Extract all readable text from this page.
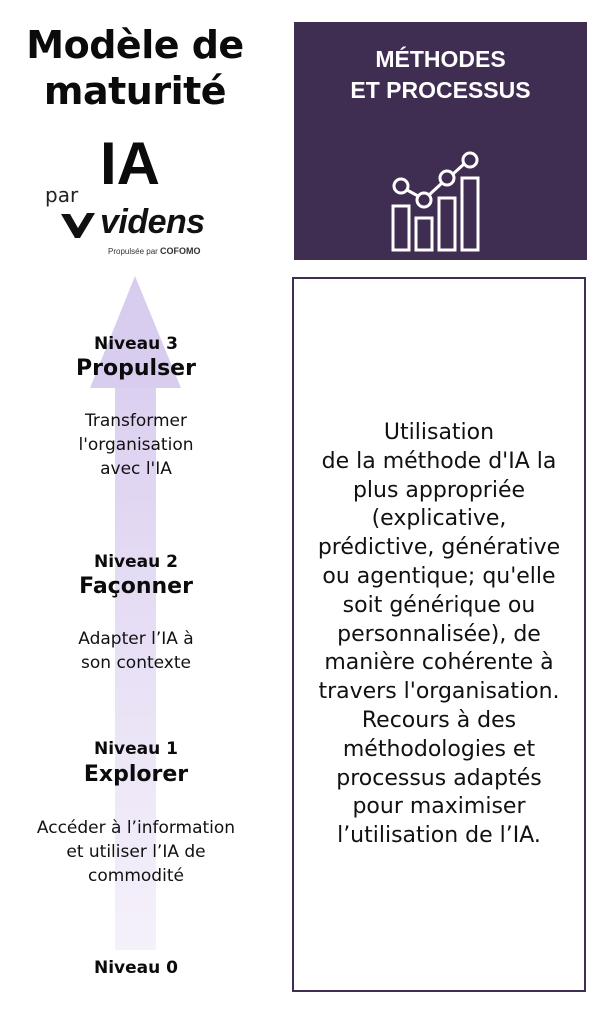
Modèle de
maturité
IA
par
videns
Propulsée par COFOMO
Niveau 3
Propulser
Transformer
l'organisation
avec l'IA
Niveau 2
Façonner
Adapter l’IA à
son contexte
Niveau 1
Explorer
Accéder à l’information
et utiliser l’IA de
commodité
Niveau 0
MÉTHODES
ET PROCESSUS
Utilisation
de la méthode d'IA la
plus appropriée
(explicative,
prédictive, générative
ou agentique; qu'elle
soit générique ou
personnalisée), de
manière cohérente à
travers l'organisation.
Recours à des
méthodologies et
processus adaptés
pour maximiser
l’utilisation de l’IA.
